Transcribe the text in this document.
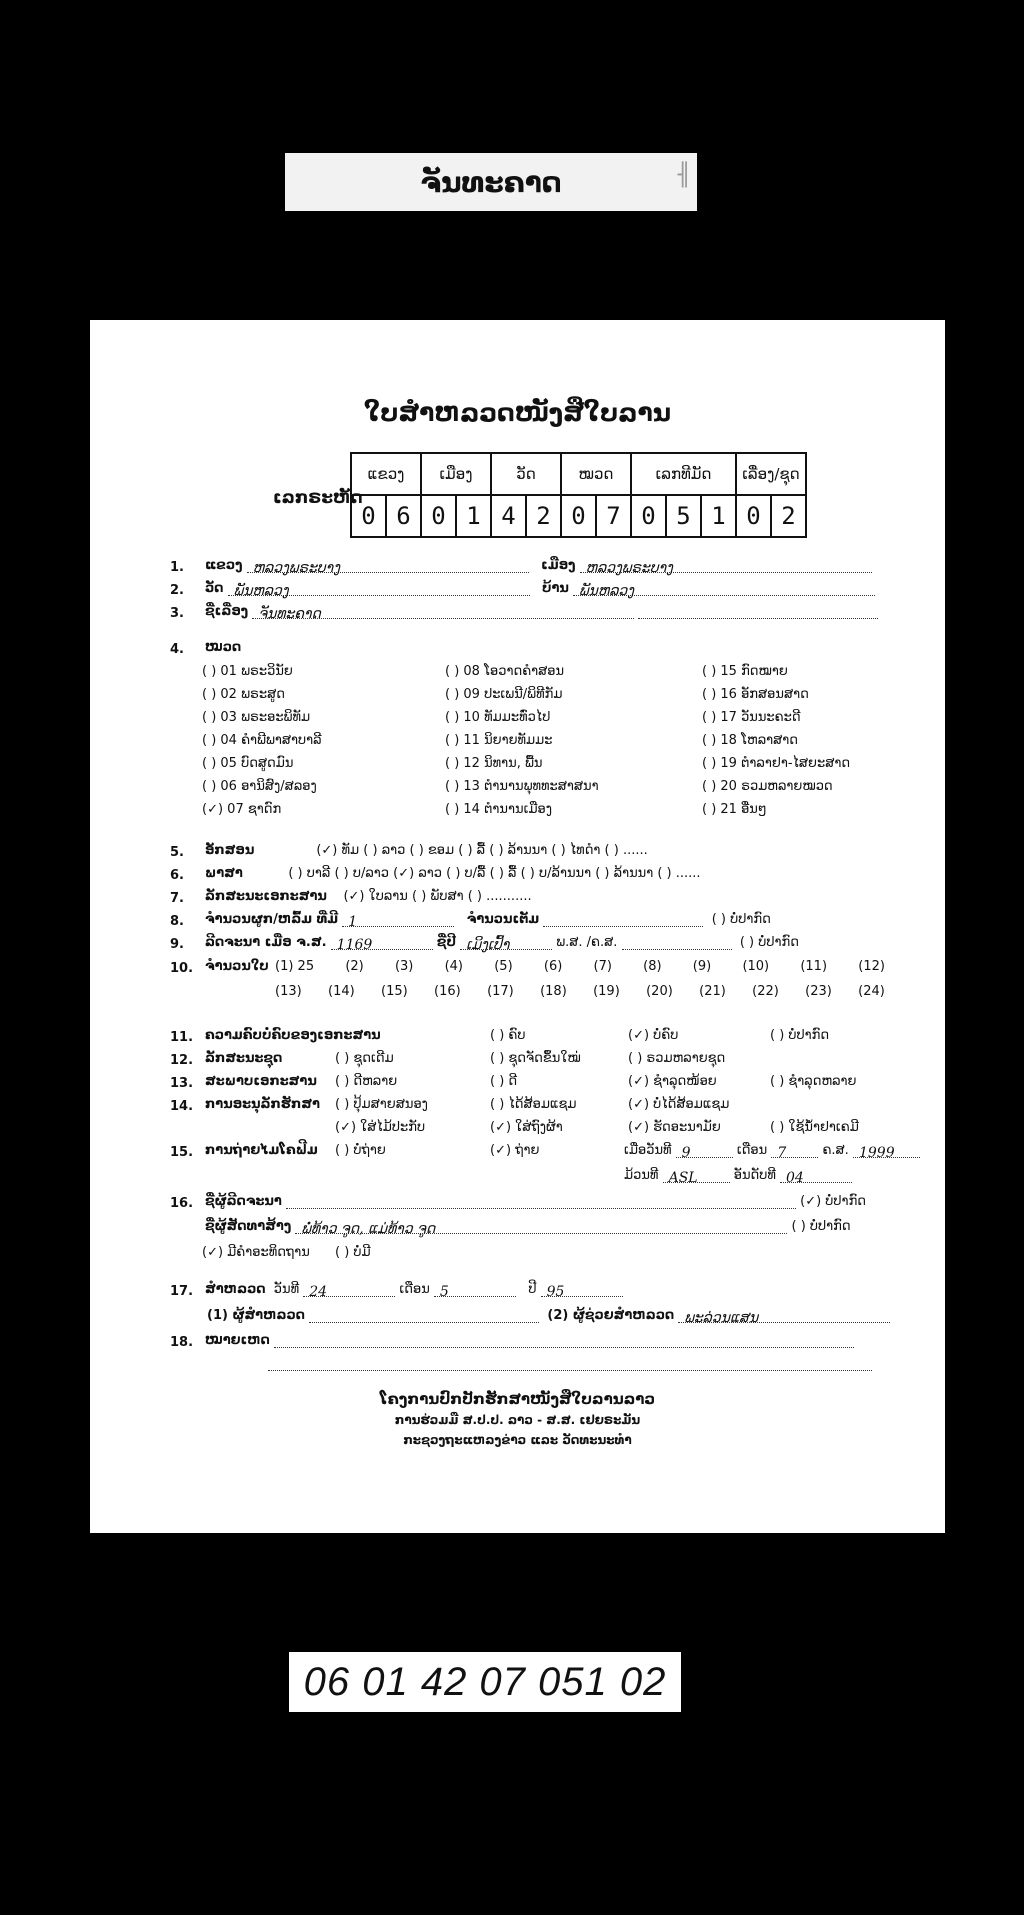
ຈັນທະຄາດ	╢
ໃບສຳຫລວດໜັງສືໃບລານ
ເລກຣະຫັດ
ແຂວງ		ເມືອງ		ວັດ		ໝວດ		ເລກທີມັດ			ເລື່ອງ/ຊຸດ	
0	6	0	1	4	2	0	7	0	5	1	0	2
1. ແຂວງ ຫລວງພຣະບາງ	ເມືອງ ຫລວງພຣະບາງ
2. ວັດ ພັນຫລວງ	ບ້ານ ພັນຫລວງ
3. ຊື່ເລື່ອງ ຈັນທະຄາດ
4. ໝວດ
( ) 01 ພຣະວິນັຍ
( ) 02 ພຣະສູດ
( ) 03 ພຣະອະພິທັມ
( ) 04 ຄຳພີພາສາບາລີ
( ) 05 ບົດສູດມົນ
( ) 06 ອານິສົງ/ສລອງ
(✓) 07 ຊາດົກ
( ) 08 ໂອວາດຄຳສອນ
( ) 09 ປະເພນີ/ພິທີກັມ
( ) 10 ທັມມະທົ່ວໄປ
( ) 11 ນິຍາຍທັມມະ
( ) 12 ນິທານ, ພື້ນ
( ) 13 ຕຳນານພຸທທະສາສນາ
( ) 14 ຕຳນານເມືອງ
( ) 15 ກົດໝາຍ
( ) 16 ອັກສອນສາດ
( ) 17 ວັນນະຄະດີ
( ) 18 ໂຫລາສາດ
( ) 19 ຕຳລາຢາ-ໄສຍະສາດ
( ) 20 ຣວມຫລາຍໝວດ
( ) 21 ອື່ນໆ
5. ອັກສອນ	(✓) ທັມ ( ) ລາວ ( ) ຂອມ ( ) ລື້ ( ) ລ້ານນາ ( ) ໄທດຳ ( ) ......
6. ພາສາ	( ) ບາລີ ( ) ບ/ລາວ (✓) ລາວ ( ) ບ/ລື້ ( ) ລື້ ( ) ບ/ລ້ານນາ ( ) ລ້ານນາ ( ) ......
7. ລັກສະນະເອກະສານ (✓) ໃບລານ ( ) ພັບສາ ( ) ...........
8. ຈຳນວນຜູກ/ຫລົ້ມ ທີ່ມີ 1	ຈຳນວນເຕັມ	( ) ບໍ່ປາກົດ
9. ລີດຈະນາ ເມື່ອ ຈ.ສ. 1169	ຊື່ປີ ເມິງເປົ້າ	ພ.ສ. /ຄ.ສ.	( ) ບໍ່ປາກົດ
10. ຈຳນວນໃບ (1) 25 (2) (3) (4) (5) (6) (7) (8) (9) (10) (11) (12)
(13) (14) (15) (16) (17) (18) (19) (20) (21) (22) (23) (24)
11. ຄວາມຄົບບໍ່ຄົບຂອງເອກະສານ	( ) ຄົບ	(✓) ບໍ່ຄົບ	( ) ບໍ່ປາກົດ
12. ລັກສະນະຊຸດ	( ) ຊຸດເດີມ	( ) ຊຸດຈັດຂຶ້ນໃໝ່	( ) ຣວມຫລາຍຊຸດ
13. ສະພາບເອກະສານ ( ) ດີຫລາຍ	( ) ດີ	(✓) ຊຳລຸດໜ້ອຍ	( ) ຊຳລຸດຫລາຍ
14. ການອະນຸລັກຮັກສາ ( ) ປຸ້ມສາຍສນອງ	( ) ໄດ້ສ້ອມແຊມ	(✓) ບໍ່ໄດ້ສ້ອມແຊມ
(✓) ໃສ່ໄມ້ປະກັບ	(✓) ໃສ່ຖົງຜ້າ	(✓) ຮັດອະນາມັຍ	( ) ໃຊ້ນ້ຳຢາເຄມີ
15. ການຖ່າຍໄມໂຄຟີມ ( ) ບໍ່ຖ່າຍ	(✓) ຖ່າຍ	ເມື່ອວັນທີ 9	ເດືອນ 7	ຄ.ສ. 1999
ມ້ວນທີ ASL	ອັນດັບທີ 04
16. ຊື່ຜູ້ລີດຈະນາ	(✓) ບໍ່ປາກົດ
ຊື່ຜູ້ສັດທາສ້າງ ພໍ່ທ້າວ ຈູດ, ແມ່ທ້າວ ຈູດ	( ) ບໍ່ປາກົດ
(✓) ມີຄຳອະທິດຖານ ( ) ບໍ່ມີ
17. ສຳຫລວດ ວັນທີ 24	ເດືອນ 5	ປີ 95
(1) ຜູ້ສຳຫລວດ	(2) ຜູ້ຊ່ວຍສຳຫລວດ ພະລ່ວນແສນ
18. ໝາຍເຫດ
ໂຄງການປົກປັກຮັກສາໜັງສືໃບລານລາວ
ການຮ່ວມມື ສ.ປ.ປ. ລາວ - ສ.ສ. ເຢຍຣະມັນ
ກະຊວງຖະແຫລງຂ່າວ ແລະ ວັດທະນະທຳ
06 01 42 07 051 02
